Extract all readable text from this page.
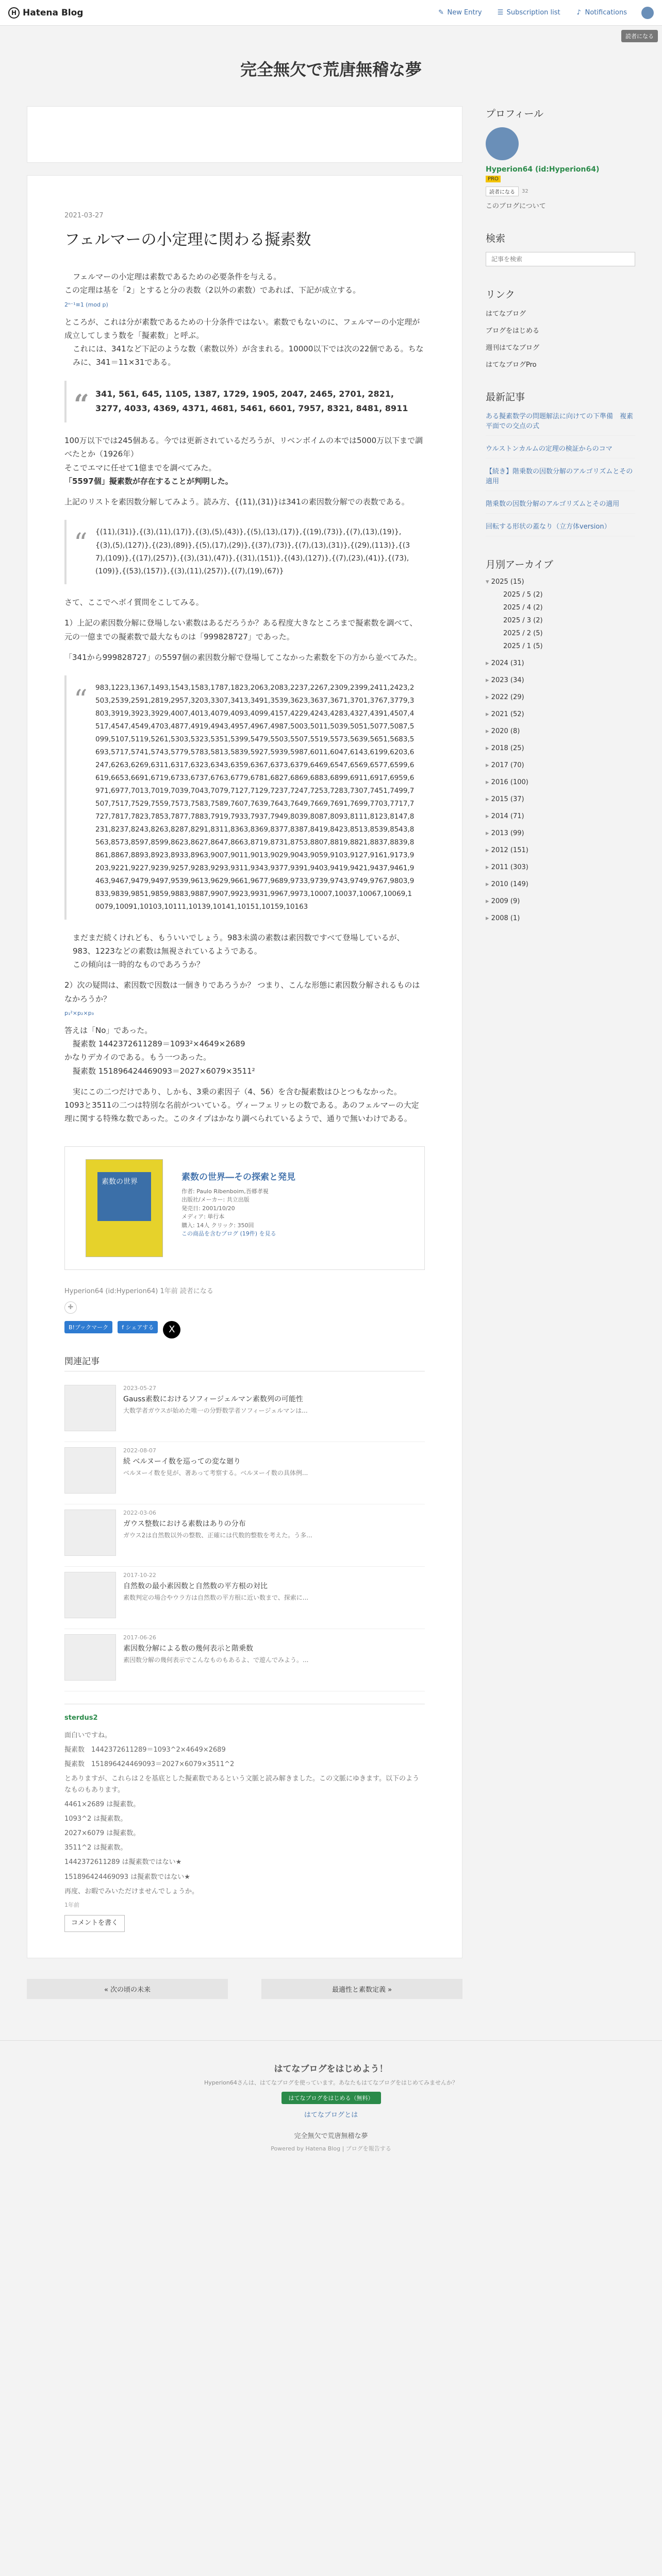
H Hatena Blog	✎ New Entry ☰ Subscription list ♪ Notifications
読者になる
完全無欠で荒唐無稽な夢
2021-03-27
フェルマーの小定理に関わる擬素数

フェルマーの小定理は素数であるための必要条件を与える。

この定理は基を「2」とすると分の表数（2以外の素数）であれば、下記が成立する。

2ⁿ⁻¹≡1 (mod p)

ところが、これは分が素数であるための十分条件ではない。素数でもないのに、フェルマーの小定理が成立してしまう数を「擬素数」と呼ぶ。

これには、341など下記のような数（素数以外）が含まれる。10000以下では次の22個である。ちなみに、341＝11×31である。

“ 341, 561, 645, 1105, 1387, 1729, 1905, 2047, 2465, 2701, 2821, 3277, 4033, 4369, 4371, 4681, 5461, 6601, 7957, 8321, 8481, 8911

100万以下では245個ある。今では更新されているだろうが、リベンボイムの本では5000万以下まで調べたとか（1926年）

そこでエマに任せて1億までを調べてみた。

「5597個」擬素数が存在することが判明した。

上記のリストを素因数分解してみよう。読み方、{(11),(31)}は341の素因数分解での表数である。

“ {(11),(31)},{(3),(11),(17)},{(3),(5),(43)},{(5),(13),(17)},{(19),(73)},{(7),(13),(19)},{(3),(5),(127)},{(23),(89)},{(5),(17),(29)},{(37),(73)},{(7),(13),(31)},{(29),(113)},{(37),(109)},{(17),(257)},{(3),(31),(47)},{(31),(151)},{(43),(127)},{(7),(23),(41)},{(73),(109)},{(53),(157)},{(3),(11),(257)},{(7),(19),(67)}

さて、ここでヘボイ質問をこしてみる。

1）上記の素因数分解に登場しない素数はあるだろうか？ある程度大きなところまで擬素数を調べて、元の一億までの擬素数で最大なものは「999828727」であった。

「341から999828727」の5597個の素因数分解で登場してこなかった素数を下の方から並べてみた。

“ 983,1223,1367,1493,1543,1583,1787,1823,2063,2083,2237,2267,2309,2399,2411,2423,2503,2539,2591,2819,2957,3203,3307,3413,3491,3539,3623,3637,3671,3701,3767,3779,3803,3919,3923,3929,4007,4013,4079,4093,4099,4157,4229,4243,4283,4327,4391,4507,4517,4547,4549,4703,4877,4919,4943,4957,4967,4987,5003,5011,5039,5051,5077,5087,5099,5107,5119,5261,5303,5323,5351,5399,5479,5503,5507,5519,5573,5639,5651,5683,5693,5717,5741,5743,5779,5783,5813,5839,5927,5939,5987,6011,6047,6143,6199,6203,6247,6263,6269,6311,6317,6323,6343,6359,6367,6373,6379,6469,6547,6569,6577,6599,6619,6653,6691,6719,6733,6737,6763,6779,6781,6827,6869,6883,6899,6911,6917,6959,6971,6977,7013,7019,7039,7043,7079,7127,7129,7237,7247,7253,7283,7307,7451,7499,7507,7517,7529,7559,7573,7583,7589,7607,7639,7643,7649,7669,7691,7699,7703,7717,7727,7817,7823,7853,7877,7883,7919,7933,7937,7949,8039,8087,8093,8111,8123,8147,8231,8237,8243,8263,8287,8291,8311,8363,8369,8377,8387,8419,8423,8513,8539,8543,8563,8573,8597,8599,8623,8627,8647,8663,8719,8731,8753,8807,8819,8821,8837,8839,8861,8867,8893,8923,8933,8963,9007,9011,9013,9029,9043,9059,9103,9127,9161,9173,9203,9221,9227,9239,9257,9283,9293,9311,9343,9377,9391,9403,9419,9421,9437,9461,9463,9467,9479,9497,9539,9613,9629,9661,9677,9689,9733,9739,9743,9749,9767,9803,9833,9839,9851,9859,9883,9887,9907,9923,9931,9967,9973,10007,10037,10067,10069,10079,10091,10103,10111,10139,10141,10151,10159,10163

まだまだ続くけれども、もういいでしょう。983未満の素数は素因数ですべて登場しているが、983、1223などの素数は無視されているようである。

この傾向は一時的なものであろうか？

2）次の疑問は、素因数で因数は一個きりであろうか？ つまり、こんな形態に素因数分解されるものはなかろうか？

p₁²×p₂×p₃

答えは「No」であった。

擬素数 1442372611289＝1093²×4649×2689

かなりデカイのである。もう一つあった。

擬素数 151896424469093＝2027×6079×3511²

実にこの二つだけであり、しかも、3乗の素因子（4、56）を含む擬素数はひとつもなかった。

1093と3511の二つは特別な名前がついている。ヴィーフェリッヒの数である。あのフェルマーの大定理に関する特殊な数であった。このタイプはかなり調べられているようで、通りで無いわけである。

素数の世界	素数の世界―その探索と発見
作者: Paulo Ribenboim,吾郷孝視
出版社/メーカー: 共立出版
発売日: 2001/10/20
メディア: 単行本
購入: 14人 クリック: 350回
この商品を含むブログ (19件) を見る
Hyperion64 (id:Hyperion64) 1年前 読者になる
✚
B!ブックマーク	f シェアする	X
関連記事
2023-05-27
Gauss素数におけるソフィージェルマン素数列の可能性
大数学者ガウスが始めた唯一の分野数学者ソフィージェルマンは...
2022-08-07
続 ベルヌーイ数を巡っての変な廻り
ベルヌーイ数を見が、著あって考察する。ベルヌーイ数の具体例...
2022-03-06
ガウス整数における素数はありの分布
ガウス2は自然数以外の整数、正確には代数的整数を考えた。う多...
2017-10-22
自然数の最小素因数と自然数の平方根の対比
素数判定の場合やウラ方は自然数の平方根に近い数まで、探索に...
2017-06-26
素因数分解による数の幾何表示と階乗数
素因数分解の幾何表示でこんなものもあるよ、で遊んでみよう。...
sterdus2

面白いですね。

擬素数　1442372611289＝1093^2×4649×2689

擬素数　151896424469093＝2027×6079×3511^2

とありますが、これらは２を基底とした擬素数であるという文脈と読み解きました。この文脈にゆきます。以下のようなものもあります。

4461×2689 は擬素数。

1093^2 は擬素数。

2027×6079 は擬素数。

3511^2 は擬素数。

1442372611289 は擬素数ではない★

151896424469093 は擬素数ではない★

再度、お暇でみいただけませんでしょうか。

1年前
コメントを書く
« 次の頃の未来	最適性と素数定義 »
プロフィール
Hyperion64 (id:Hyperion64)
PRO
読者になる	32
このブログについて
検索
記事を検索
リンク
はてなブログ
ブログをはじめる
週刊はてなブログ
はてなブログPro
最新記事
ある擬素数学の問題解法に向けての下準備　複素平面での交点の式
ウルストンカルムの定理の検証からのコマ
【続き】階乗数の因数分解のアルゴリズムとその適用
階乗数の因数分解のアルゴリズムとその適用
回転する形状の蓋なり（立方体version）
月別アーカイブ
▾ 2025 (15)
2025 / 5 (2)
2025 / 4 (2)
2025 / 3 (2)
2025 / 2 (5)
2025 / 1 (5)
▸ 2024 (31)
▸ 2023 (34)
▸ 2022 (29)
▸ 2021 (52)
▸ 2020 (8)
▸ 2018 (25)
▸ 2017 (70)
▸ 2016 (100)
▸ 2015 (37)
▸ 2014 (71)
▸ 2013 (99)
▸ 2012 (151)
▸ 2011 (303)
▸ 2010 (149)
▸ 2009 (9)
▸ 2008 (1)
はてなブログをはじめよう！
Hyperion64さんは、はてなブログを使っています。あなたもはてなブログをはじめてみませんか？
はてなブログをはじめる（無料）
はてなブログとは
完全無欠で荒唐無稽な夢
Powered by Hatena Blog | ブログを報告する
